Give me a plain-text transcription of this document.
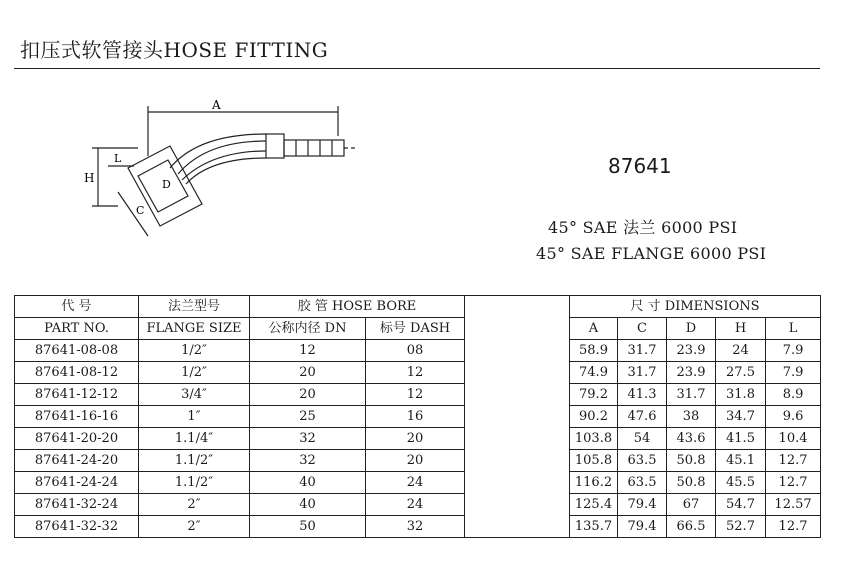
扣压式软管接头HOSE FITTING
A
H
L
D
C
87641
45° SAE 法兰 6000 PSI
45° SAE FLANGE 6000 PSI
代 号	法兰型号	胶 管 HOSE BORE			尺 寸 DIMENSIONS				
PART NO.	FLANGE SIZE	公称内径 DN	标号 DASH		A	C	D	H	L
87641-08-08	1/2″	12	08		58.9	31.7	23.9	24	7.9
87641-08-12	1/2″	20	12		74.9	31.7	23.9	27.5	7.9
87641-12-12	3/4″	20	12		79.2	41.3	31.7	31.8	8.9
87641-16-16	1″	25	16		90.2	47.6	38	34.7	9.6
87641-20-20	1.1/4″	32	20		103.8	54	43.6	41.5	10.4
87641-24-20	1.1/2″	32	20		105.8	63.5	50.8	45.1	12.7
87641-24-24	1.1/2″	40	24		116.2	63.5	50.8	45.5	12.7
87641-32-24	2″	40	24		125.4	79.4	67	54.7	12.57
87641-32-32	2″	50	32		135.7	79.4	66.5	52.7	12.7
